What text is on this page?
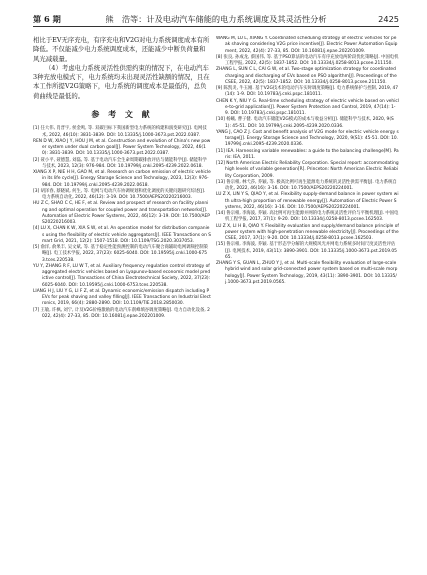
第 6 期	熊　浩等：计及电动汽车储能的电力系统调度及其灵活性分析	2425

相比于EV无序充电，有序充电和V2G对电力系统调度成本有所降低。不仅能减少电力系统调度成本，还能减少中断负荷量和风光减载量。

（4）考虑电力系统灵活性供需约束的情况下，在电动汽车3种充放电模式下，电力系统均未出现灵活性缺额的情况，且在本工作所提V2G策略下，电力系统的调度成本是最低的，总负荷曲线是最低的。

参 考 文 献

[1] 任大伟, 肖晋宇, 侯金鸣, 等. 双碳目标下我国新型电力系统的构建和演变研究[J]. 电网技术, 2022, 46(10): 3831-3839. DOI: 10.13335/j.1000-3673.pst.2022.0387.

REN D W, XIAO J Y, HOU J M, et al. Construction and evolution of China's new power system under dual carbon goal[J]. Power System Technology, 2022, 46(10): 3831-3839. DOI: 10.13335/j.1000-3673.pst.2022.0387.

[2] 聂小平, 聂德慧, 刘磊, 等. 基于电动汽车全生命周期碳排放评估与储能科学[J]. 储能科学与技术, 2023, 12(3): 976-984. DOI: 10.19799/j.cnki.2095-4239.2022.0618.

XIANG X P, NIE H H, GAO M, et al. Research on carbon emission of electric vehicle in its life cycle[J]. Energy Storage Science and Technology, 2023, 12(3): 976-984. DOI: 10.19799/j.cnki.2095-4239.2022.0618.

[3] 胡泽春, 蔡晓斌, 何生, 等. 电网与电动汽车协调规划和优化调度的关键问题研究综述[J]. 电力系统自动化, 2022, 46(12): 3-19. DOI: 10.7500/AEPS20220216003.

HU Z C, SHAO C C, HE F, et al. Review and prospect of research on facility planning and optimal operation for coupled power and transportation networks[J]. Automation of Electric Power Systems, 2022, 46(12): 3-19. DOI: 10.7500/AEPS20220216003.

[4] LU X, CHAN K W, XIA S W, et al. An operation model for distribution companies using the flexibility of electric vehicle aggregators[J]. IEEE Transactions on Smart Grid, 2021, 12(2): 1507-1518. DOI: 10.1109/TSG.2020.3037053.

[5] 俞洋, 俞果丰, 吴文斌, 等. 基于稳定性能预测控制的电动汽车聚合商辅助电网调频控制策略[J]. 电工技术学报, 2022, 37(23): 6025-6040. DOI: 10.19595/j.cnki.1000-6753.tces.220538.

YU Y, ZHANG R F, LU W T, et al. Auxiliary frequency regulation control strategy of aggregated electric vehicles based on Lyapunov-based economic model predictive control[J]. Transactions of China Electrotechnical Society, 2022, 37(23): 6025-6040. DOI: 10.19595/j.cnki.1000-6753.tces.220538.

LIANG H J, LIU Y G, LI F Z, et al. Dynamic economic/emission dispatch including PEVs for peak shaving and valley filling[J]. IEEE Transactions on Industrial Electronics, 2019, 66(4): 2880-2890. DOI: 10.1109/TIE.2018.2850030.

[7] 王敏, 许枫, 刘宁, 计及V2G价格激励的电动汽车削峰填谷调度策略[J]. 电力自动化设备, 2022, 42(4): 27-33, 85. DOI: 10.16081/j.epae.202201009.

WANG M, LU L, XIANG Y. Coordinated scheduling strategy of electric vehicles for peak shaving considering V2G price incentive[J]. Electric Power Automation Equipment, 2022, 42(4): 27-33, 85. DOI: 10.16081/j.epae.202201009.

[8] 张良, 孙成龙, 蔡国伟, 等. 基于PSO算法的电动汽车有序充放电两阶段优化策略[J]. 中国电机工程学报, 2022, 42(5): 1837-1852. DOI: 10.13334/j.0258-8013.pcsee.211150.

ZHANG L, SUN C L, CAI G W, et al. Two-stage optimization strategy for coordinated charging and discharging of EVs based on PSO algorithm[J]. Proceedings of the CSEE, 2022, 42(5): 1837-1852. DOI: 10.13334/j.0258-8013.pcsee.211150.

[9] 陈凯炎, 牛玉刚. 基于V2G技术的电动汽车实时调度策略[J]. 电力系统保护与控制, 2019, 47(14): 1-9. DOI: 10.19783/j.cnki.pspc.181011.

CHEN K Y, NIU Y G. Real-time scheduling strategy of electric vehicle based on vehicle-to-grid application[J]. Power System Protection and Control, 2019, 47(14): 1-9. DOI: 10.19783/j.cnki.pspc.181011.

[10] 杨曦, 曹子健. 电动汽车储能V2G模式的成本与收益分析[J]. 储能科学与技术, 2020, 9(S1): 45-51. DOI: 10.19799/j.cnki.2095-4239.2020.0336.

YANG J, CAO Z J. Cost and benefit analysis of V2G mode for electric vehicle energy storage[J]. Energy Storage Science and Technology, 2020, 9(S1): 45-51. DOI: 10.19799/j.cnki.2095-4239.2020.0336.

[11] IEA. Harnessing variable renewables: a guide to the balancing challenge[M]. Paris: IEA, 2011.

[12] North American Electric Reliability Corporation. Special report: accommodating high levels of variable generation[R]. Princeton: North American Electric Reliability Corporation, 2009.

[13] 鲁宗相, 林弋莎, 乔颖, 等. 极高比例可再生能源电力系统的灵活性供需平衡[J]. 电力系统自动化, 2022, 46(16): 3-16. DOI: 10.7500/AEPS20220224001.

LU Z X, LIN Y S, QIAO Y, et al. Flexibility supply-demand balance in power system with ultra-high proportion of renewable energy[J]. Automation of Electric Power Systems, 2022, 46(16): 3-16. DOI: 10.7500/AEPS20220224001.

[14] 鲁宗相, 李海波, 乔颖. 高比例可再生能源并网的电力系统灵活性评价与平衡机理[J]. 中国电机工程学报, 2017, 37(1): 9-20. DOI: 10.13334/j.0258-8013.pcsee.162503.

LU Z X, LI H B, QIAO Y. Flexibility evaluation and supply/demand balance principle of power system with high-penetration renewable electricity[J]. Proceedings of the CSEE, 2017, 37(1): 9-20. DOI: 10.13334/j.0258-8013.pcsee.162503.

[15] 鲁宗相, 李海波, 乔颖. 基于形态学分解的大规模风光并网电力系统多时间尺度灵活性评估[J]. 电网技术, 2019, 43(11): 3890-3901. DOI: 10.13335/j.1000-3673.pst.2019.0565.

ZHANG Y S, GUAN L, ZHUO Y J, et al. Multi-scale flexibility evaluation of large-scale hybrid wind and solar grid-connected power system based on multi-scale morphology[J]. Power System Technology, 2019, 43(11): 3890-3901. DOI: 10.13335/j.1000-3673.pst.2019.0565.
